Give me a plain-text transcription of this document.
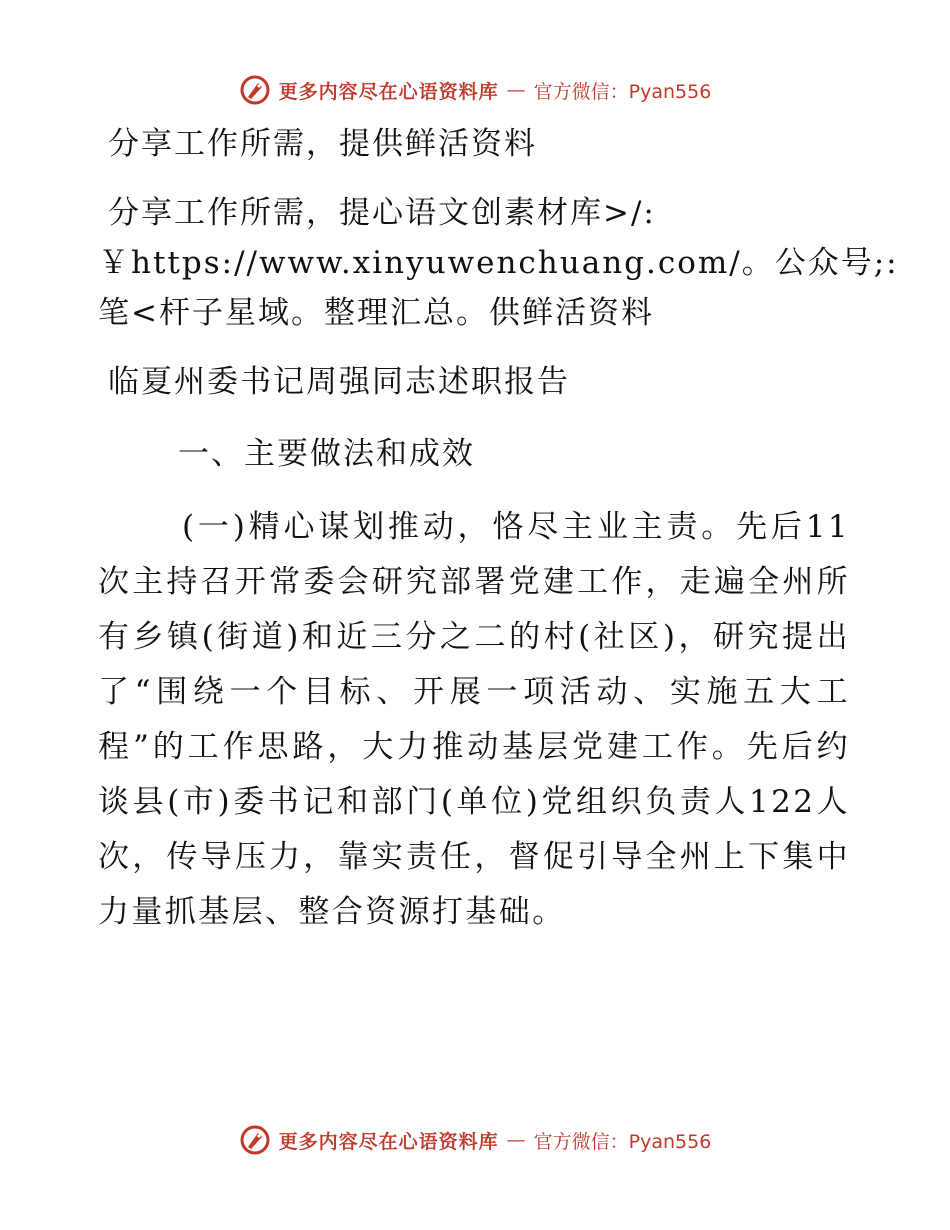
更多内容尽在心语资料库 — 官方微信：Pyan556
分享工作所需，提供鲜活资料
分享工作所需，提心语文创素材库>/:
￥https://www.xinyuwenchuang.com/。公众号;:
笔<杆子星域。整理汇总。供鲜活资料
临夏州委书记周强同志述职报告
一、主要做法和成效
(一)精心谋划推动，恪尽主业主责。先后11次主持召开常委会研究部署党建工作，走遍全州所有乡镇(街道)和近三分之二的村(社区)，研究提出了“围绕一个目标、开展一项活动、实施五大工程”的工作思路，大力推动基层党建工作。先后约谈县(市)委书记和部门(单位)党组织负责人122人次，传导压力，靠实责任，督促引导全州上下集中力量抓基层、整合资源打基础。
更多内容尽在心语资料库 — 官方微信：Pyan556
